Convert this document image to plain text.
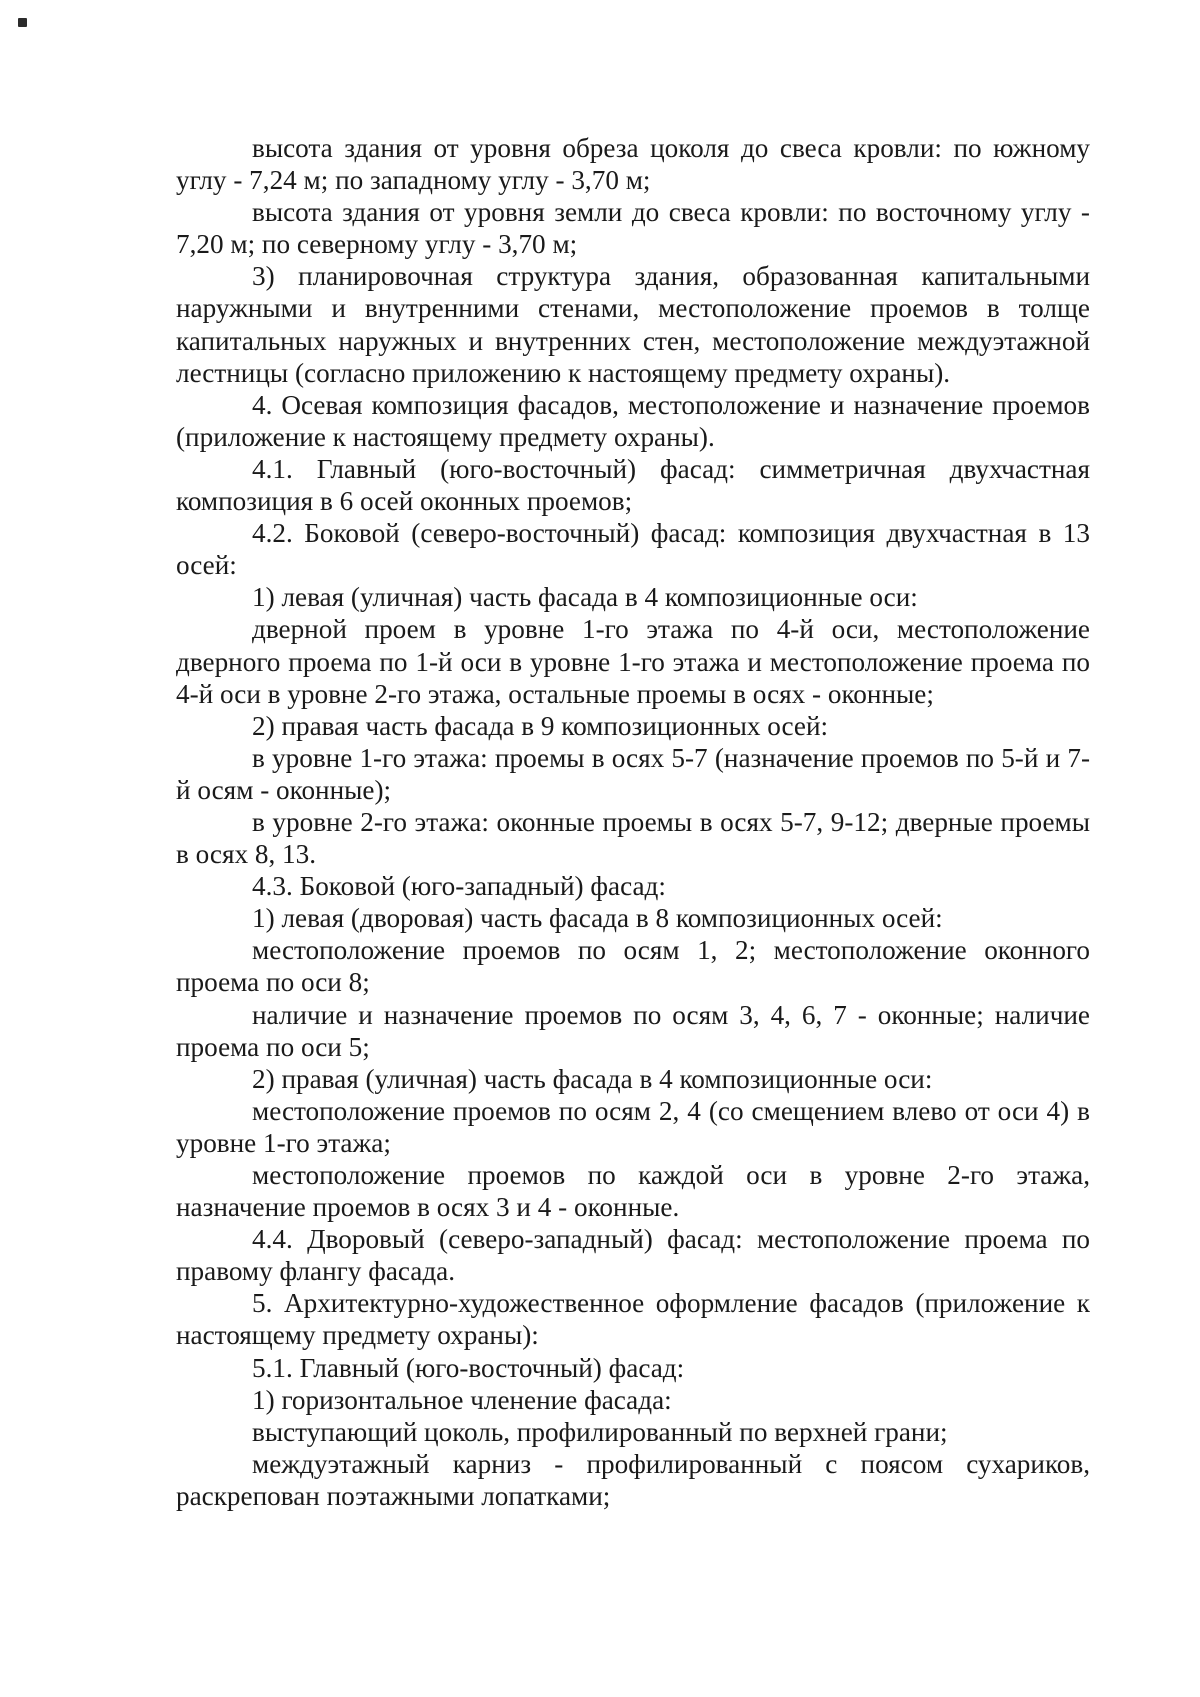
высота здания от уровня обреза цоколя до свеса кровли: по южному углу - 7,24 м; по западному углу - 3,70 м;

высота здания от уровня земли до свеса кровли: по восточному углу - 7,20 м; по северному углу - 3,70 м;

3) планировочная структура здания, образованная капитальными наружными и внутренними стенами, местоположение проемов в толще капитальных наружных и внутренних стен, местоположение междуэтажной лестницы (согласно приложению к настоящему предмету охраны).

4. Осевая композиция фасадов, местоположение и назначение проемов (приложение к настоящему предмету охраны).

4.1. Главный (юго-восточный) фасад: симметричная двухчастная композиция в 6 осей оконных проемов;

4.2. Боковой (северо-восточный) фасад: композиция двухчастная в 13 осей:

1) левая (уличная) часть фасада в 4 композиционные оси:

дверной проем в уровне 1-го этажа по 4-й оси, местоположение дверного проема по 1-й оси в уровне 1-го этажа и местоположение проема по 4-й оси в уровне 2-го этажа, остальные проемы в осях - оконные;

2) правая часть фасада в 9 композиционных осей:

в уровне 1-го этажа: проемы в осях 5-7 (назначение проемов по 5-й и 7-й осям - оконные);

в уровне 2-го этажа: оконные проемы в осях 5-7, 9-12; дверные проемы в осях 8, 13.

4.3. Боковой (юго-западный) фасад:

1) левая (дворовая) часть фасада в 8 композиционных осей:

местоположение проемов по осям 1, 2; местоположение оконного проема по оси 8;

наличие и назначение проемов по осям 3, 4, 6, 7 - оконные; наличие проема по оси 5;

2) правая (уличная) часть фасада в 4 композиционные оси:

местоположение проемов по осям 2, 4 (со смещением влево от оси 4) в уровне 1-го этажа;

местоположение проемов по каждой оси в уровне 2-го этажа, назначение проемов в осях 3 и 4 - оконные.

4.4. Дворовый (северо-западный) фасад: местоположение проема по правому флангу фасада.

5. Архитектурно-художественное оформление фасадов (приложение к настоящему предмету охраны):

5.1. Главный (юго-восточный) фасад:

1) горизонтальное членение фасада:

выступающий цоколь, профилированный по верхней грани;

междуэтажный карниз - профилированный с поясом сухариков, раскрепован поэтажными лопатками;
